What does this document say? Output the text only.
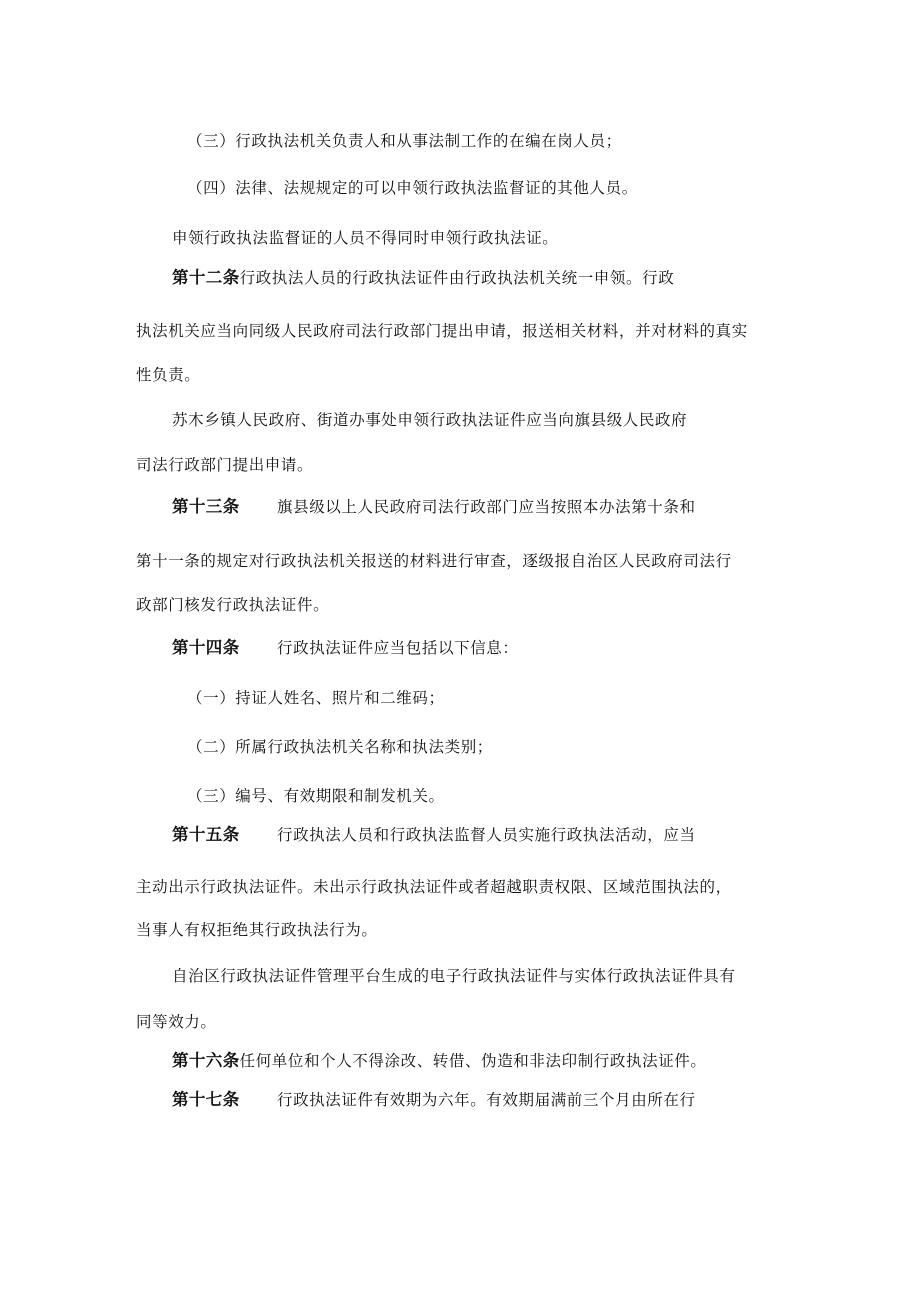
（三）行政执法机关负责人和从事法制工作的在编在岗人员；
（四）法律、法规规定的可以申领行政执法监督证的其他人员。
申领行政执法监督证的人员不得同时申领行政执法证。
第十二条行政执法人员的行政执法证件由行政执法机关统一申领。行政
执法机关应当向同级人民政府司法行政部门提出申请，报送相关材料，并对材料的真实
性负责。
苏木乡镇人民政府、街道办事处申领行政执法证件应当向旗县级人民政府
司法行政部门提出申请。
第十三条 旗县级以上人民政府司法行政部门应当按照本办法第十条和
第十一条的规定对行政执法机关报送的材料进行审查，逐级报自治区人民政府司法行
政部门核发行政执法证件。
第十四条 行政执法证件应当包括以下信息：
（一）持证人姓名、照片和二维码；
（二）所属行政执法机关名称和执法类别；
（三）编号、有效期限和制发机关。
第十五条 行政执法人员和行政执法监督人员实施行政执法活动，应当
主动出示行政执法证件。未出示行政执法证件或者超越职责权限、区域范围执法的，
当事人有权拒绝其行政执法行为。
自治区行政执法证件管理平台生成的电子行政执法证件与实体行政执法证件具有
同等效力。
第十六条任何单位和个人不得涂改、转借、伪造和非法印制行政执法证件。
第十七条 行政执法证件有效期为六年。有效期届满前三个月由所在行
